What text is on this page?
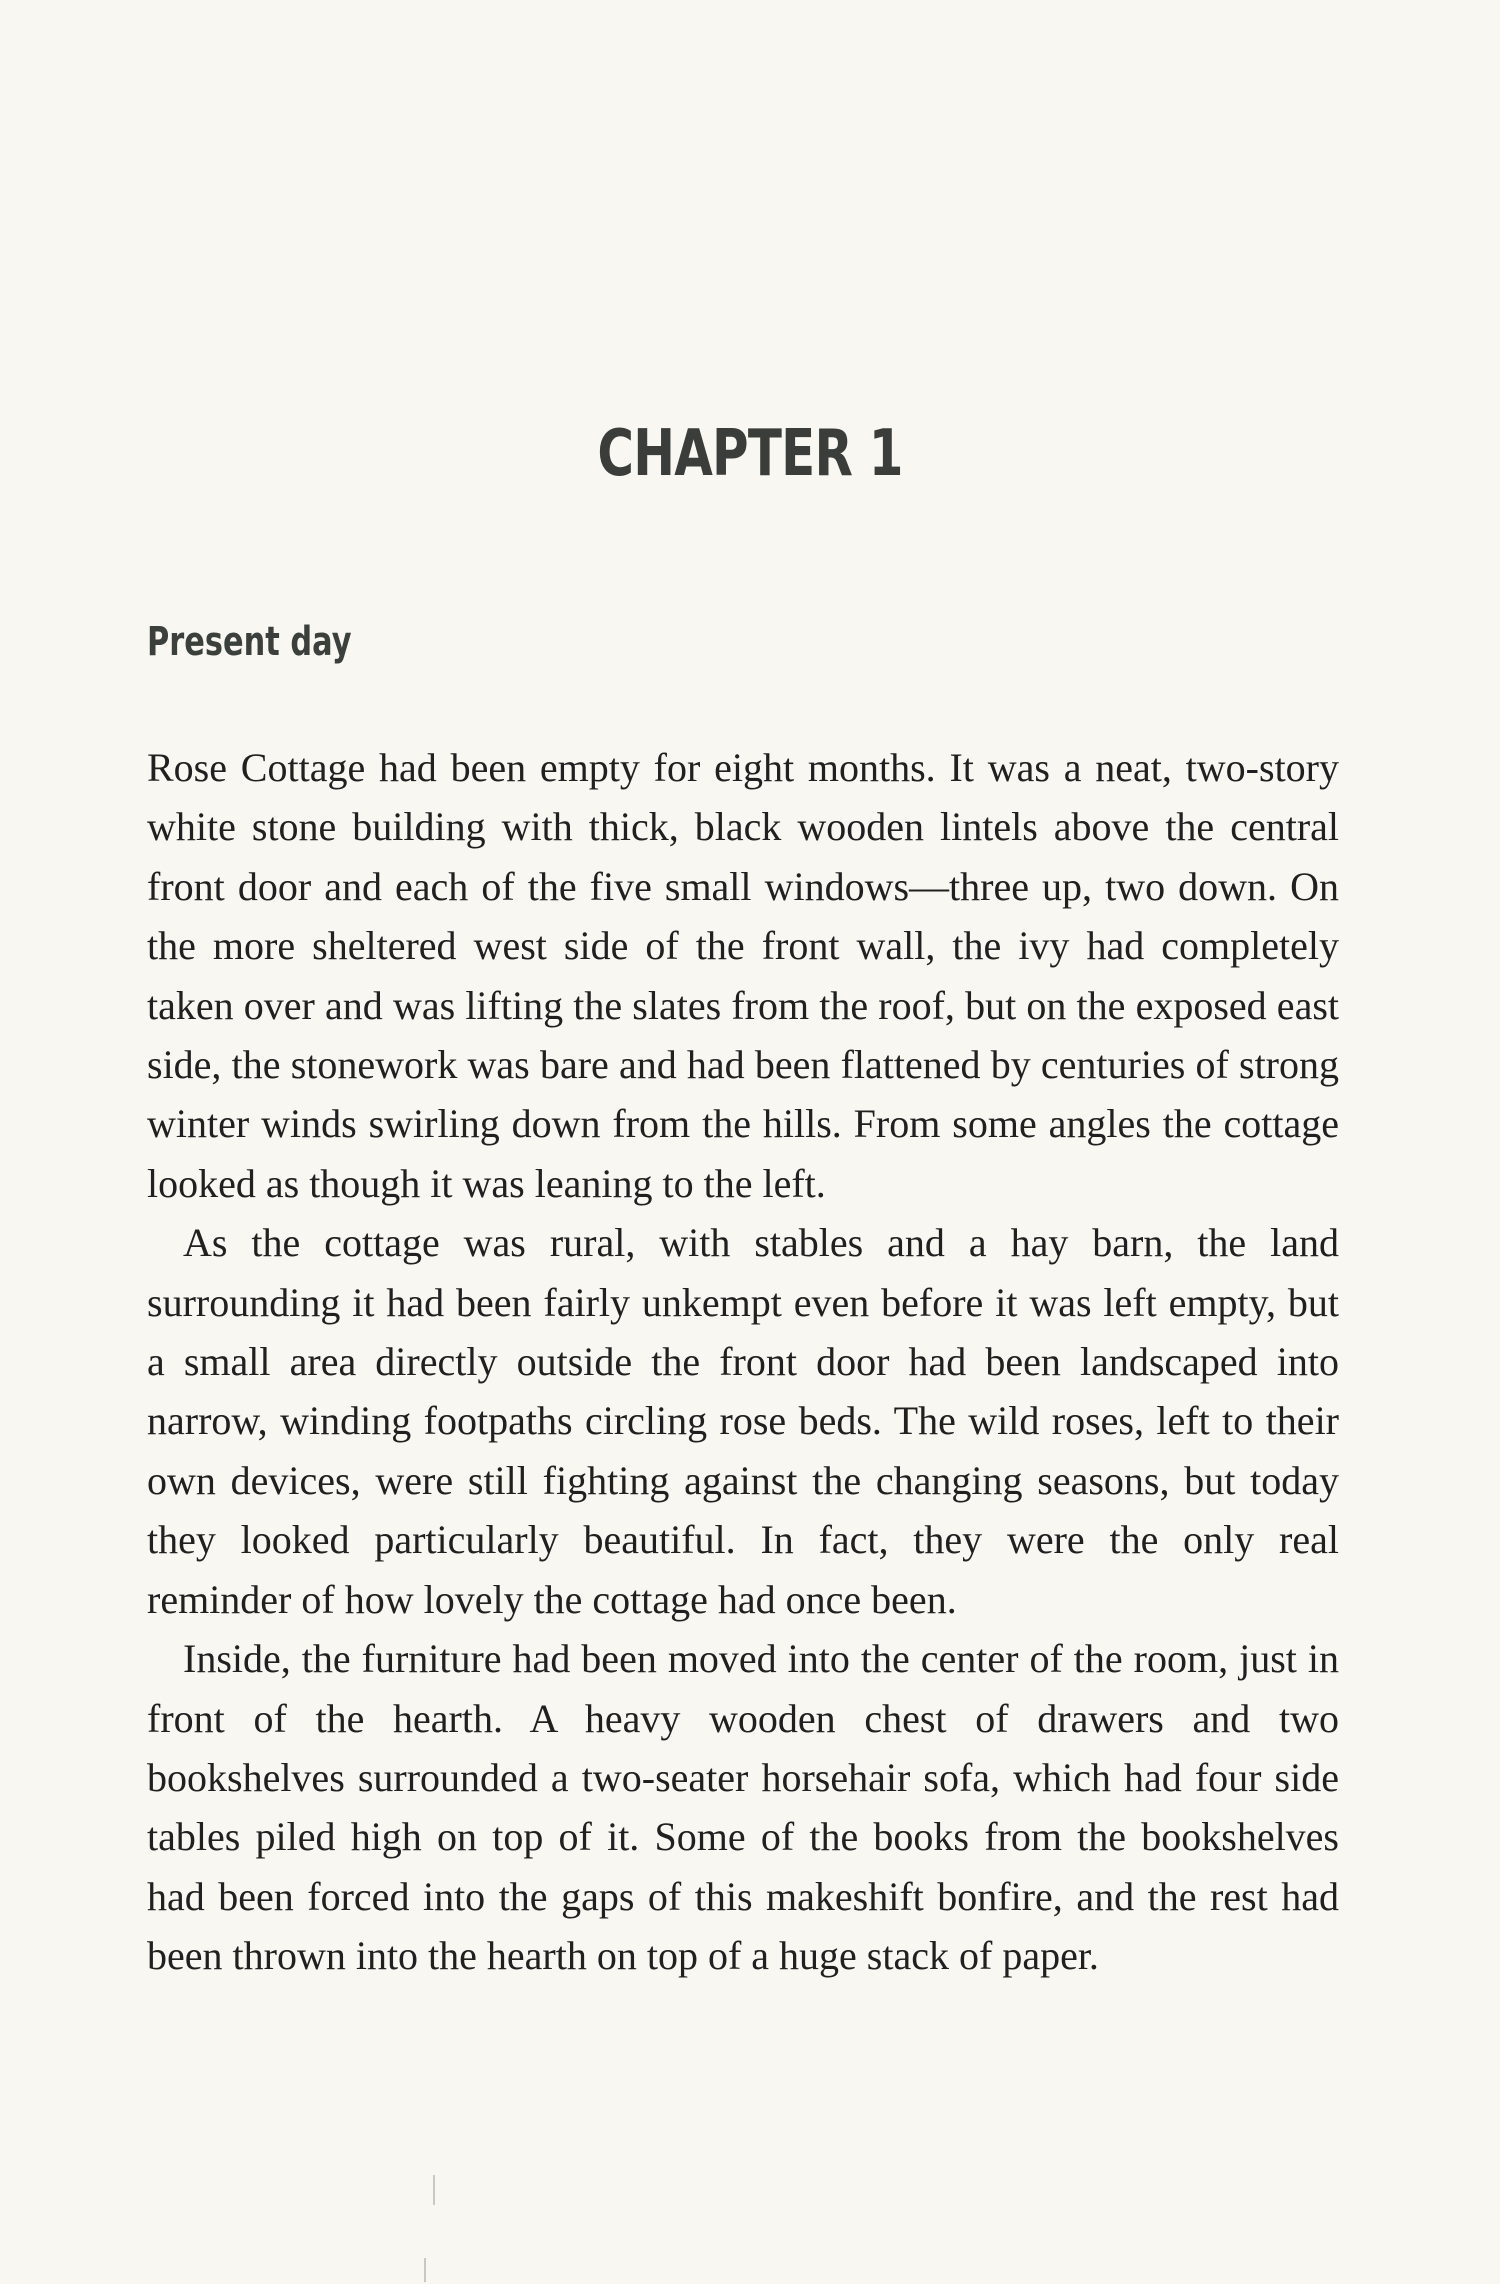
CHAPTER 1
Present day

Rose Cottage had been empty for eight months. It was a neat, two-story white stone building with thick, black wooden lintels above the central front door and each of the five small windows—three up, two down. On the more sheltered west side of the front wall, the ivy had completely taken over and was lifting the slates from the roof, but on the exposed east side, the stonework was bare and had been flattened by centuries of strong winter winds swirling down from the hills. From some angles the cottage looked as though it was leaning to the left.

As the cottage was rural, with stables and a hay barn, the land surrounding it had been fairly unkempt even before it was left empty, but a small area directly outside the front door had been landscaped into narrow, winding footpaths circling rose beds. The wild roses, left to their own devices, were still fighting against the changing seasons, but today they looked particularly beautiful. In fact, they were the only real reminder of how lovely the cottage had once been.

Inside, the furniture had been moved into the center of the room, just in front of the hearth. A heavy wooden chest of drawers and two bookshelves surrounded a two-seater horsehair sofa, which had four side tables piled high on top of it. Some of the books from the bookshelves had been forced into the gaps of this makeshift bonfire, and the rest had been thrown into the hearth on top of a huge stack of paper.
